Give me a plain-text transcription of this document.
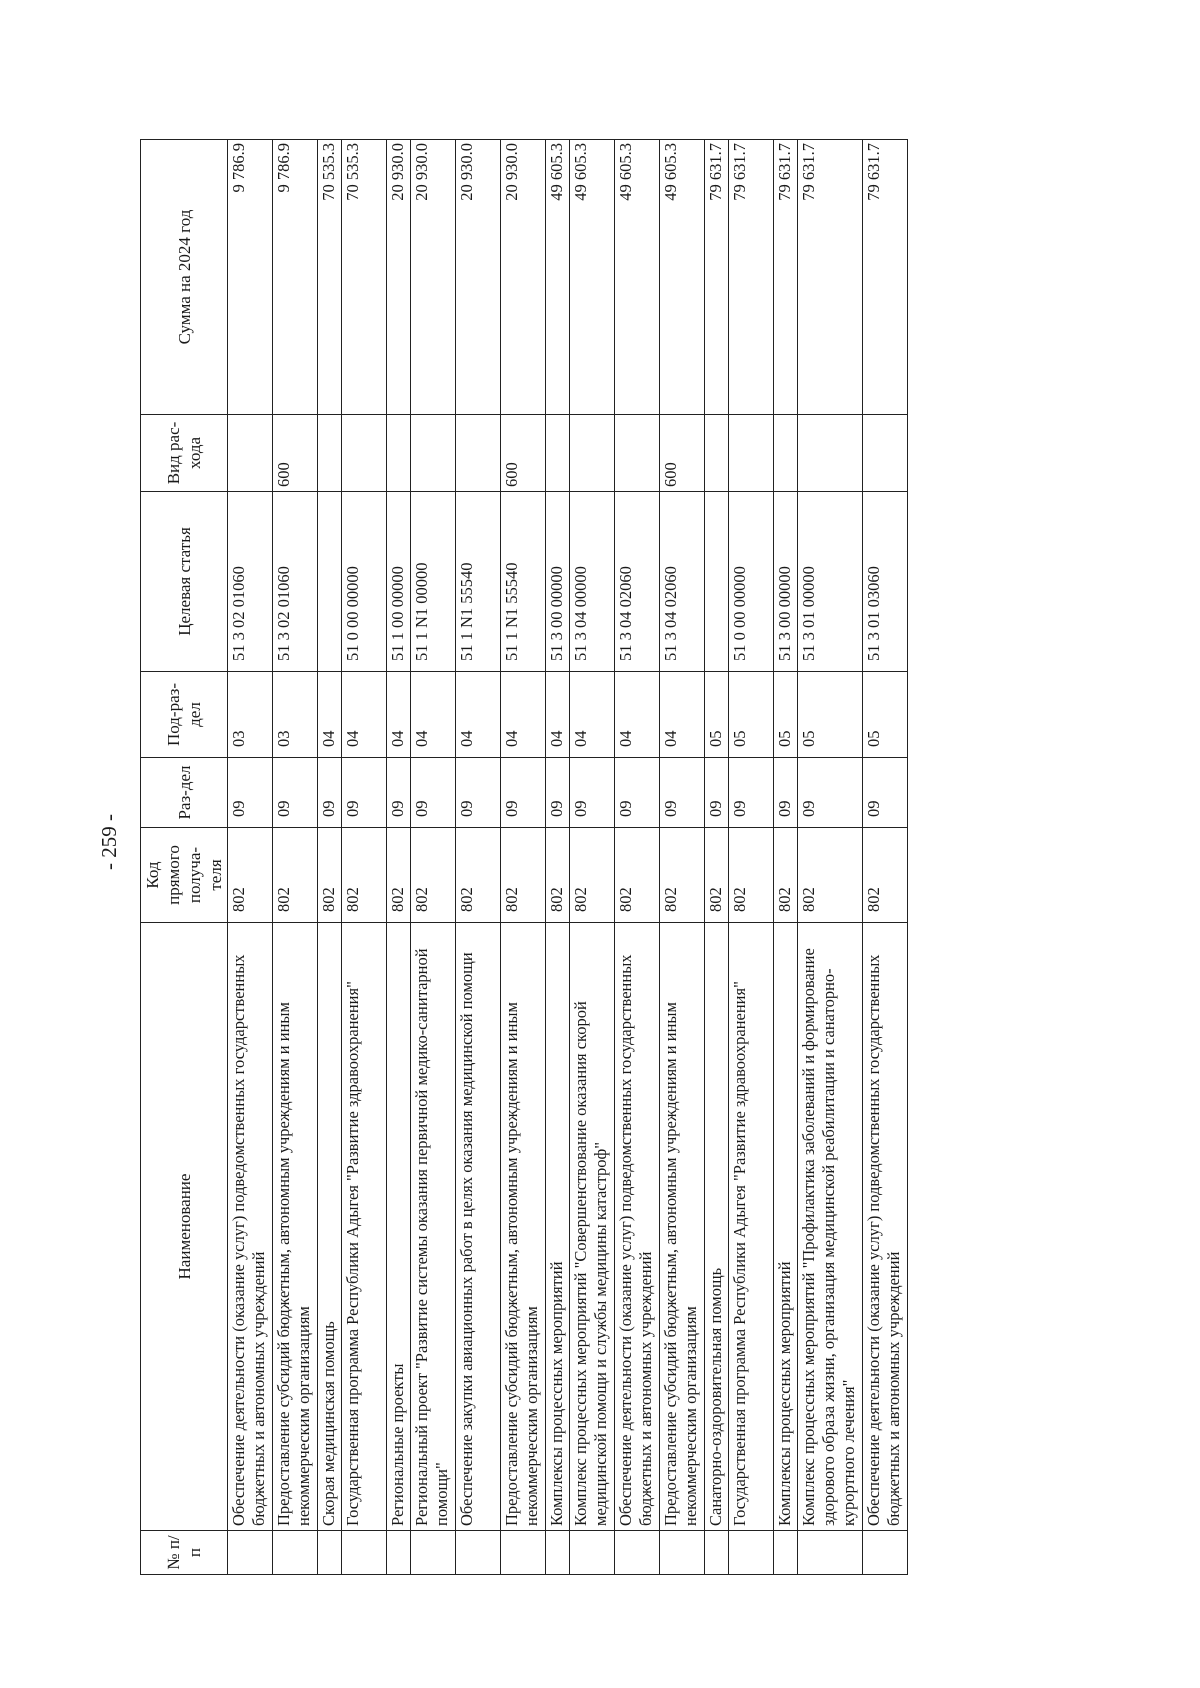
- 259 -
№ п/п	Наименование	Код прямого получа-теля	Раз-дел	Под-раз-дел	Целевая статья	Вид рас-хода	Сумма на 2024 год
	Обеспечение деятельности (оказание услуг) подведомственных государственных бюджетных и автономных учреждений	802	09	03	51 3 02 01060		9 786.9
	Предоставление субсидий бюджетным, автономным учреждениям и иным некоммерческим организациям	802	09	03	51 3 02 01060	600	9 786.9
	Скорая медицинская помощь	802	09	04			70 535.3
	Государственная программа Республики Адыгея "Развитие здравоохранения"	802	09	04	51 0 00 00000		70 535.3
	Региональные проекты	802	09	04	51 1 00 00000		20 930.0
	Региональный проект "Развитие системы оказания первичной медико-санитарной помощи"	802	09	04	51 1 N1 00000		20 930.0
	Обеспечение закупки авиационных работ в целях оказания медицинской помощи	802	09	04	51 1 N1 55540		20 930.0
	Предоставление субсидий бюджетным, автономным учреждениям и иным некоммерческим организациям	802	09	04	51 1 N1 55540	600	20 930.0
	Комплексы процессных мероприятий	802	09	04	51 3 00 00000		49 605.3
	Комплекс процессных мероприятий "Совершенствование оказания скорой медицинской помощи и службы медицины катастроф"	802	09	04	51 3 04 00000		49 605.3
	Обеспечение деятельности (оказание услуг) подведомственных государственных бюджетных и автономных учреждений	802	09	04	51 3 04 02060		49 605.3
	Предоставление субсидий бюджетным, автономным учреждениям и иным некоммерческим организациям	802	09	04	51 3 04 02060	600	49 605.3
	Санаторно-оздоровительная помощь	802	09	05			79 631.7
	Государственная программа Республики Адыгея "Развитие здравоохранения"	802	09	05	51 0 00 00000		79 631.7
	Комплексы процессных мероприятий	802	09	05	51 3 00 00000		79 631.7
	Комплекс процессных мероприятий "Профилактика заболеваний и формирование здорового образа жизни, организация медицинской реабилитации и санаторно-курортного лечения"	802	09	05	51 3 01 00000		79 631.7
	Обеспечение деятельности (оказание услуг) подведомственных государственных бюджетных и автономных учреждений	802	09	05	51 3 01 03060		79 631.7
